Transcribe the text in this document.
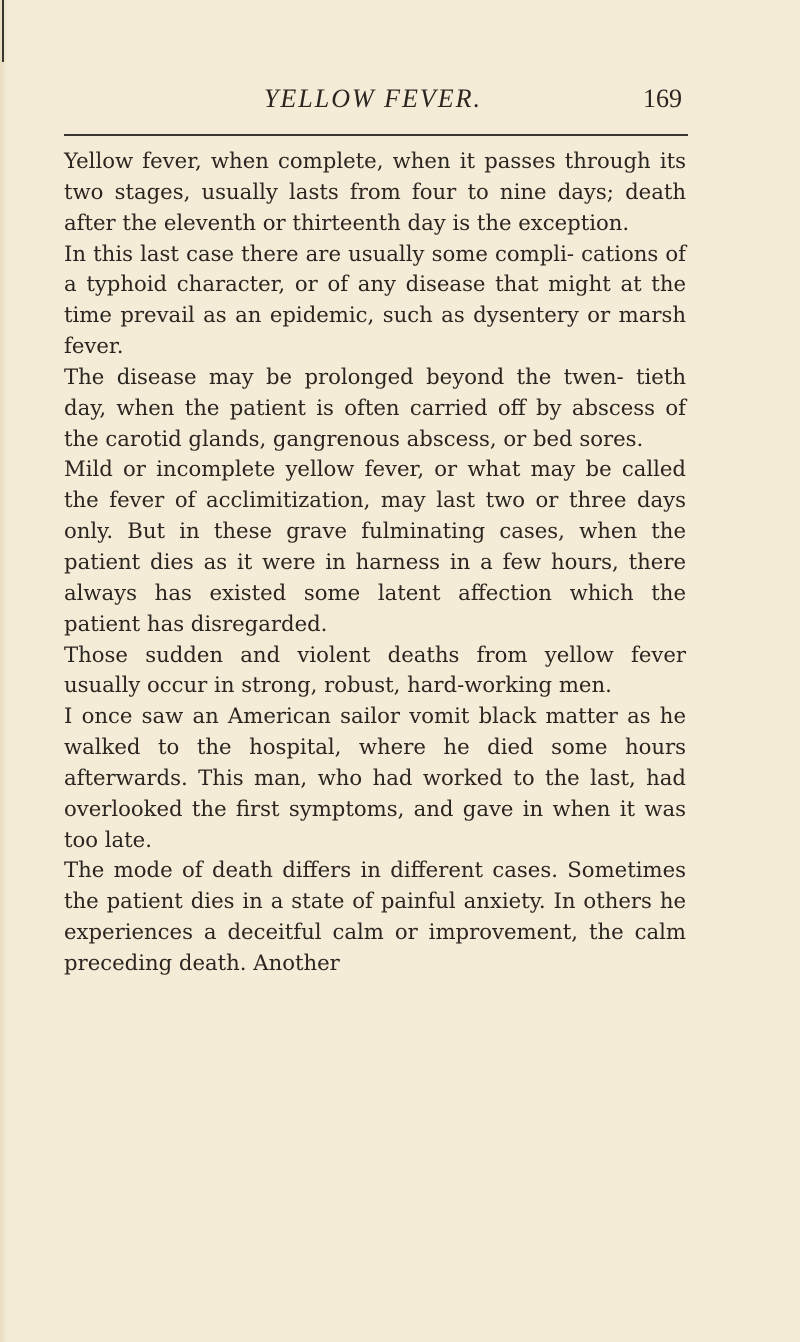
YELLOW FEVER.	169

Yellow fever, when complete, when it passes through its two stages, usually lasts from four to nine days; death after the eleventh or thirteenth day is the exception.

In this last case there are usually some compli- cations of a typhoid character, or of any disease that might at the time prevail as an epidemic, such as dysentery or marsh fever.

The disease may be prolonged beyond the twen- tieth day, when the patient is often carried off by abscess of the carotid glands, gangrenous abscess, or bed sores.

Mild or incomplete yellow fever, or what may be called the fever of acclimitization, may last two or three days only. But in these grave fulminating cases, when the patient dies as it were in harness in a few hours, there always has existed some latent affection which the patient has disregarded.

Those sudden and violent deaths from yellow fever usually occur in strong, robust, hard-working men.

I once saw an American sailor vomit black matter as he walked to the hospital, where he died some hours afterwards. This man, who had worked to the last, had overlooked the first symptoms, and gave in when it was too late.

The mode of death differs in different cases. Sometimes the patient dies in a state of painful anxiety. In others he experiences a deceitful calm or improvement, the calm preceding death. Another
